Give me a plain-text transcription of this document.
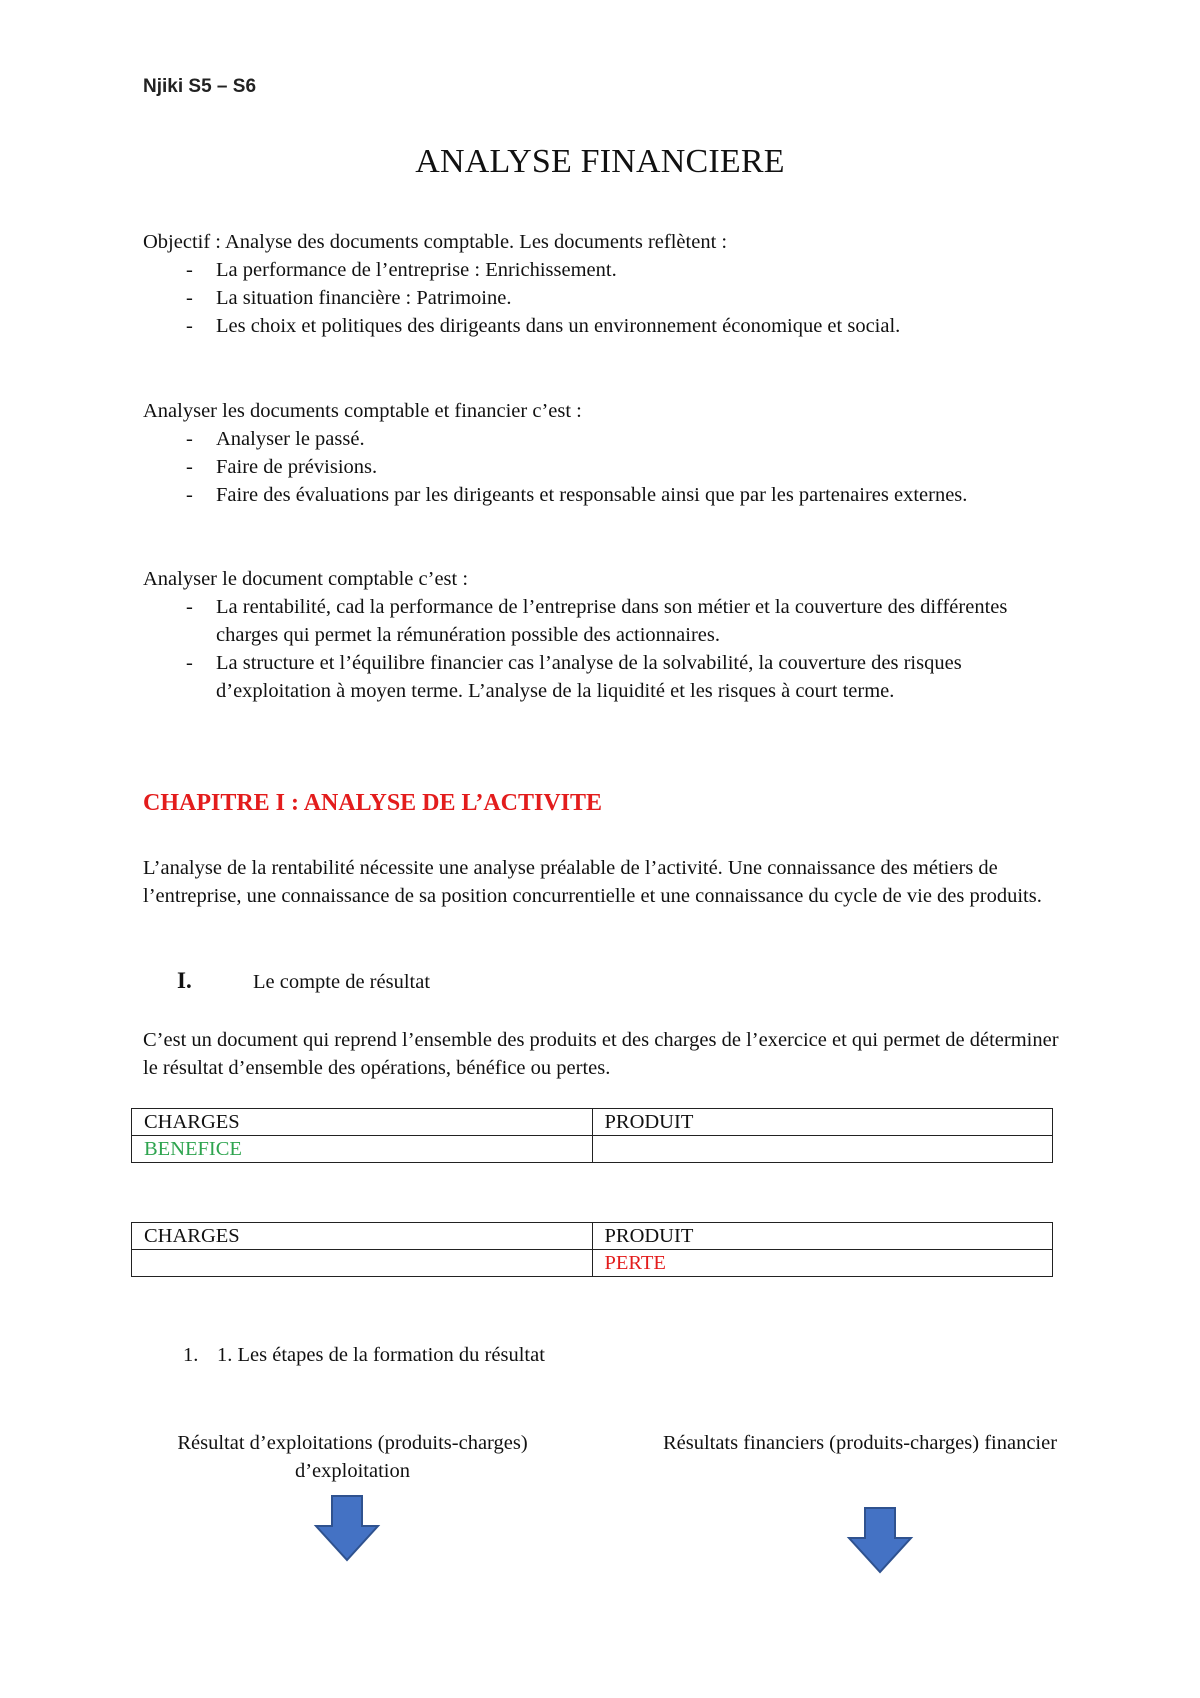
Njiki S5 – S6
ANALYSE FINANCIERE
Objectif : Analyse des documents comptable. Les documents reflètent :
- La performance de l’entreprise : Enrichissement.
- La situation financière : Patrimoine.
- Les choix et politiques des dirigeants dans un environnement économique et social.
Analyser les documents comptable et financier c’est :
- Analyser le passé.
- Faire de prévisions.
- Faire des évaluations par les dirigeants et responsable ainsi que par les partenaires externes.
Analyser le document comptable c’est :
- La rentabilité, cad la performance de l’entreprise dans son métier et la couverture des différentes charges qui permet la rémunération possible des actionnaires.
- La structure et l’équilibre financier cas l’analyse de la solvabilité, la couverture des risques d’exploitation à moyen terme. L’analyse de la liquidité et les risques à court terme.
CHAPITRE I : ANALYSE DE L’ACTIVITE
L’analyse de la rentabilité nécessite une analyse préalable de l’activité. Une connaissance des métiers de l’entreprise, une connaissance de sa position concurrentielle et une connaissance du cycle de vie des produits.
I.	Le compte de résultat
C’est un document qui reprend l’ensemble des produits et des charges de l’exercice et qui permet de déterminer le résultat d’ensemble des opérations, bénéfice ou pertes.
CHARGES	PRODUIT
BENEFICE	
CHARGES	PRODUIT
	PERTE
1. 1. Les étapes de la formation du résultat
Résultat d’exploitations (produits-charges) d’exploitation
Résultats financiers (produits-charges) financier
